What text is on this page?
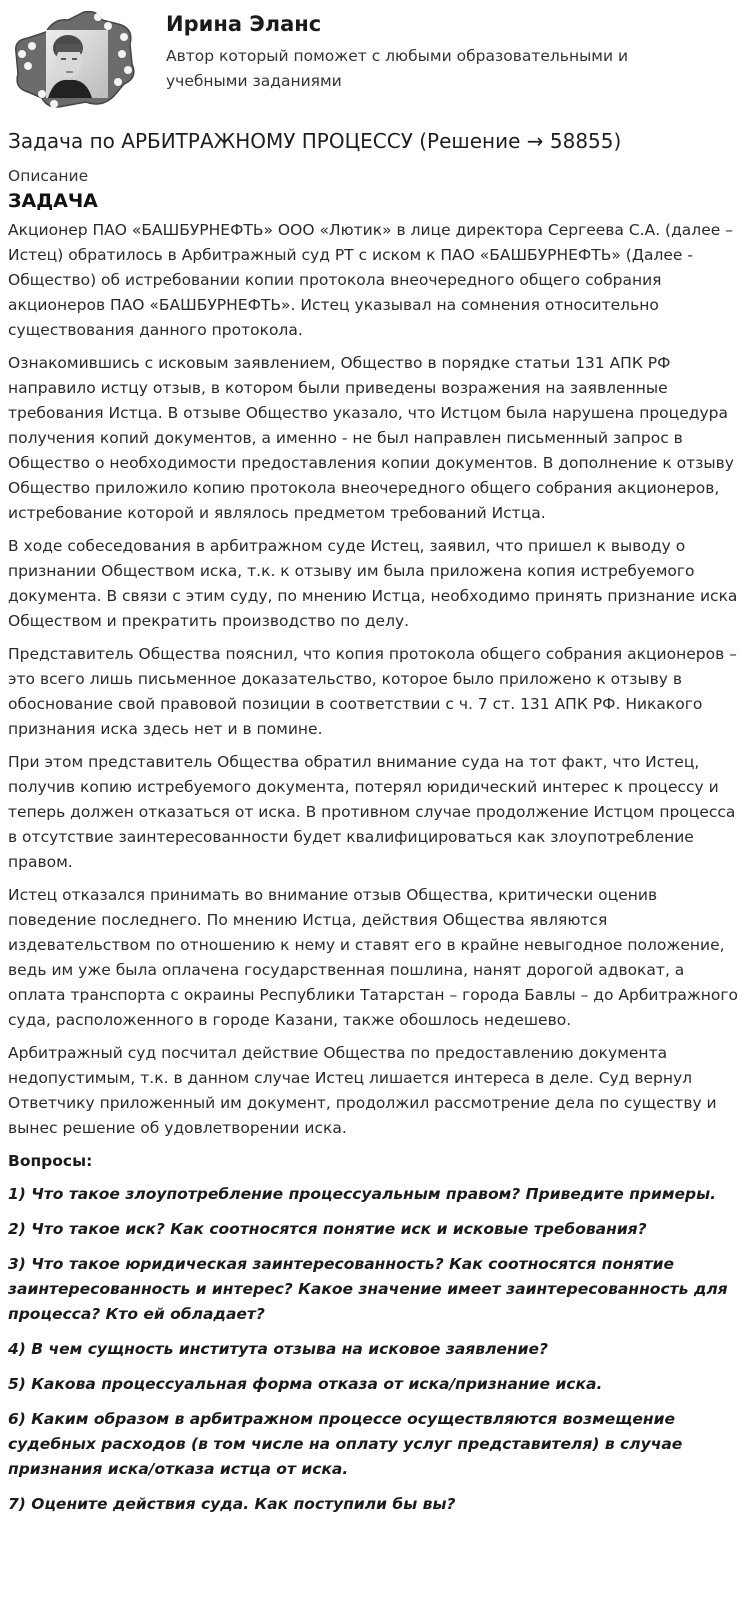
Ирина Эланс
Автор который поможет с любыми образовательными и учебными заданиями
Задача по АРБИТРАЖНОМУ ПРОЦЕССУ (Решение → 58855)
Описание
ЗАДАЧА

Акционер ПАО «БАШБУРНЕФТЬ» ООО «Лютик» в лице директора Сергеева С.А. (далее – Истец) обратилось в Арбитражный суд РТ с иском к ПАО «БАШБУРНЕФТЬ» (Далее - Общество) об истребовании копии протокола внеочередного общего собрания акционеров ПАО «БАШБУРНЕФТЬ». Истец указывал на сомнения относительно существования данного протокола.

Ознакомившись с исковым заявлением, Общество в порядке статьи 131 АПК РФ направило истцу отзыв, в котором были приведены возражения на заявленные требования Истца. В отзыве Общество указало, что Истцом была нарушена процедура получения копий документов, а именно - не был направлен письменный запрос в Общество о необходимости предоставления копии документов. В дополнение к отзыву Общество приложило копию протокола внеочередного общего собрания акционеров, истребование которой и являлось предметом требований Истца.

В ходе собеседования в арбитражном суде Истец, заявил, что пришел к выводу о признании Обществом иска, т.к. к отзыву им была приложена копия истребуемого документа. В связи с этим суду, по мнению Истца, необходимо принять признание иска Обществом и прекратить производство по делу.

Представитель Общества пояснил, что копия протокола общего собрания акционеров – это всего лишь письменное доказательство, которое было приложено к отзыву в обоснование свой правовой позиции в соответствии с ч. 7 ст. 131 АПК РФ. Никакого признания иска здесь нет и в помине.

При этом представитель Общества обратил внимание суда на тот факт, что Истец, получив копию истребуемого документа, потерял юридический интерес к процессу и теперь должен отказаться от иска. В противном случае продолжение Истцом процесса в отсутствие заинтересованности будет квалифицироваться как злоупотребление правом.

Истец отказался принимать во внимание отзыв Общества, критически оценив поведение последнего. По мнению Истца, действия Общества являются издевательством по отношению к нему и ставят его в крайне невыгодное положение, ведь им уже была оплачена государственная пошлина, нанят дорогой адвокат, а оплата транспорта с окраины Республики Татарстан – города Бавлы – до Арбитражного суда, расположенного в городе Казани, также обошлось недешево.

Арбитражный суд посчитал действие Общества по предоставлению документа недопустимым, т.к. в данном случае Истец лишается интереса в деле. Суд вернул Ответчику приложенный им документ, продолжил рассмотрение дела по существу и вынес решение об удовлетворении иска.

Вопросы:

1) Что такое злоупотребление процессуальным правом? Приведите примеры.

2) Что такое иск? Как соотносятся понятие иск и исковые требования?

3) Что такое юридическая заинтересованность? Как соотносятся понятие заинтересованность и интерес? Какое значение имеет заинтересованность для процесса? Кто ей обладает?

4) В чем сущность института отзыва на исковое заявление?

5) Какова процессуальная форма отказа от иска/признание иска.

6) Каким образом в арбитражном процессе осуществляются возмещение судебных расходов (в том числе на оплату услуг представителя) в случае признания иска/отказа истца от иска.

7) Оцените действия суда. Как поступили бы вы?
